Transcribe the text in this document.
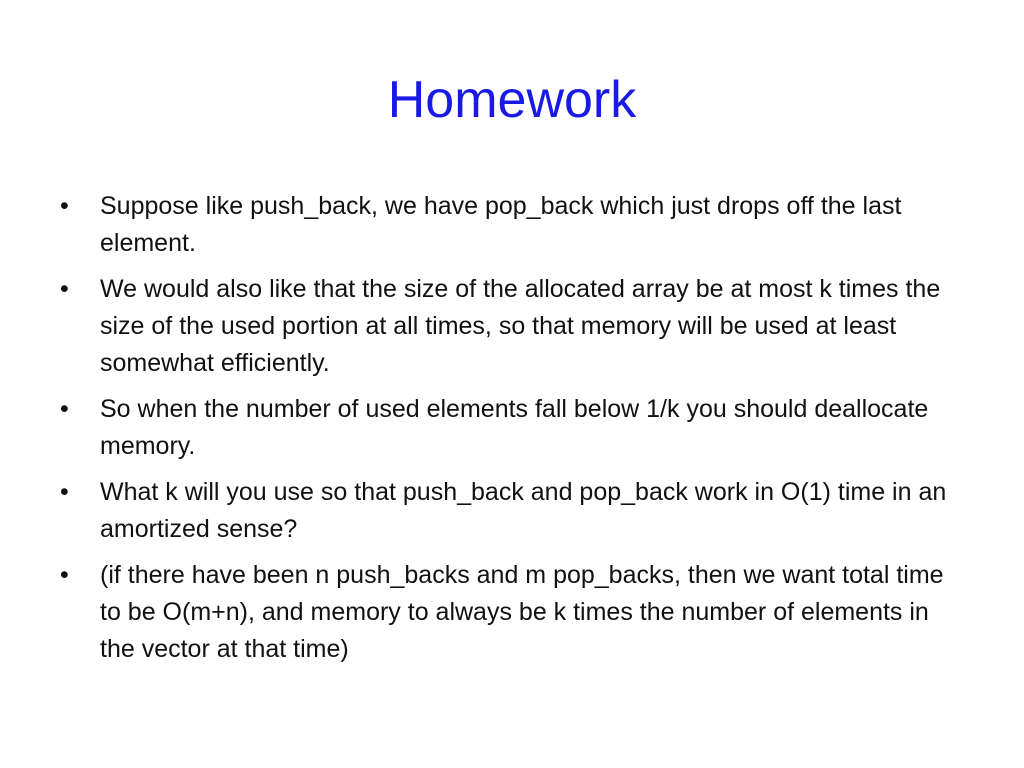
Homework
•	Suppose like push_back, we have pop_back which just drops off the last element.
•	We would also like that the size of the allocated array be at most k times the size of the used portion at all times, so that memory will be used at least somewhat efficiently.
•	So when the number of used elements fall below 1/k you should deallocate memory.
•	What k will you use so that push_back and pop_back work in O(1) time in an amortized sense?
•	(if there have been n push_backs and m pop_backs, then we want total time to be O(m+n), and memory to always be k times the number of elements in the vector at that time)
